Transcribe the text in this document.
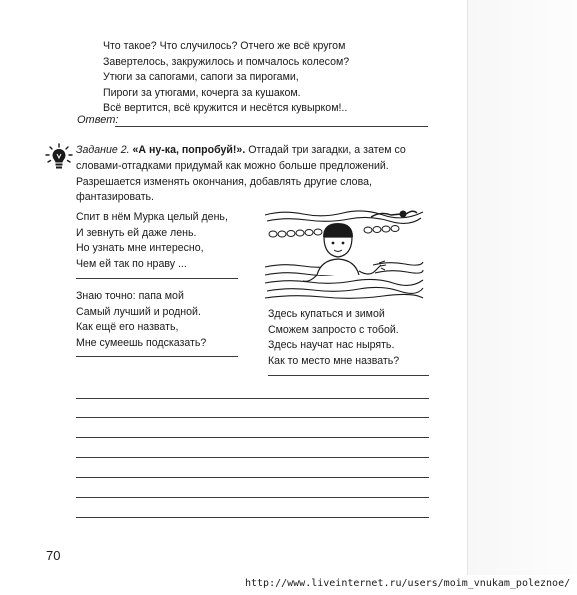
Что такое? Что случилось? Отчего же всё кругом
Завертелось, закружилось и помчалось колесом?
Утюги за сапогами, сапоги за пирогами,
Пироги за утюгами, кочерга за кушаком.
Всё вертится, всё кружится и несётся кувырком!..
Ответ:
Задание 2. «А ну-ка, попробуй!». Отгадай три загадки, а затем со словами-отгадками придумай как можно больше предложений. Разрешается изменять окончания, добавлять другие слова, фантазировать.
Спит в нём Мурка целый день,
И зевнуть ей даже лень.
Но узнать мне интересно,
Чем ей так по нраву ...
Знаю точно: папа мой
Самый лучший и родной.
Как ещё его назвать,
Мне сумеешь подсказать?
Здесь купаться и зимой
Сможем запросто с тобой.
Здесь научат нас нырять.
Как то место мне назвать?
70
http://www.liveinternet.ru/users/moim_vnukam_poleznoe/
